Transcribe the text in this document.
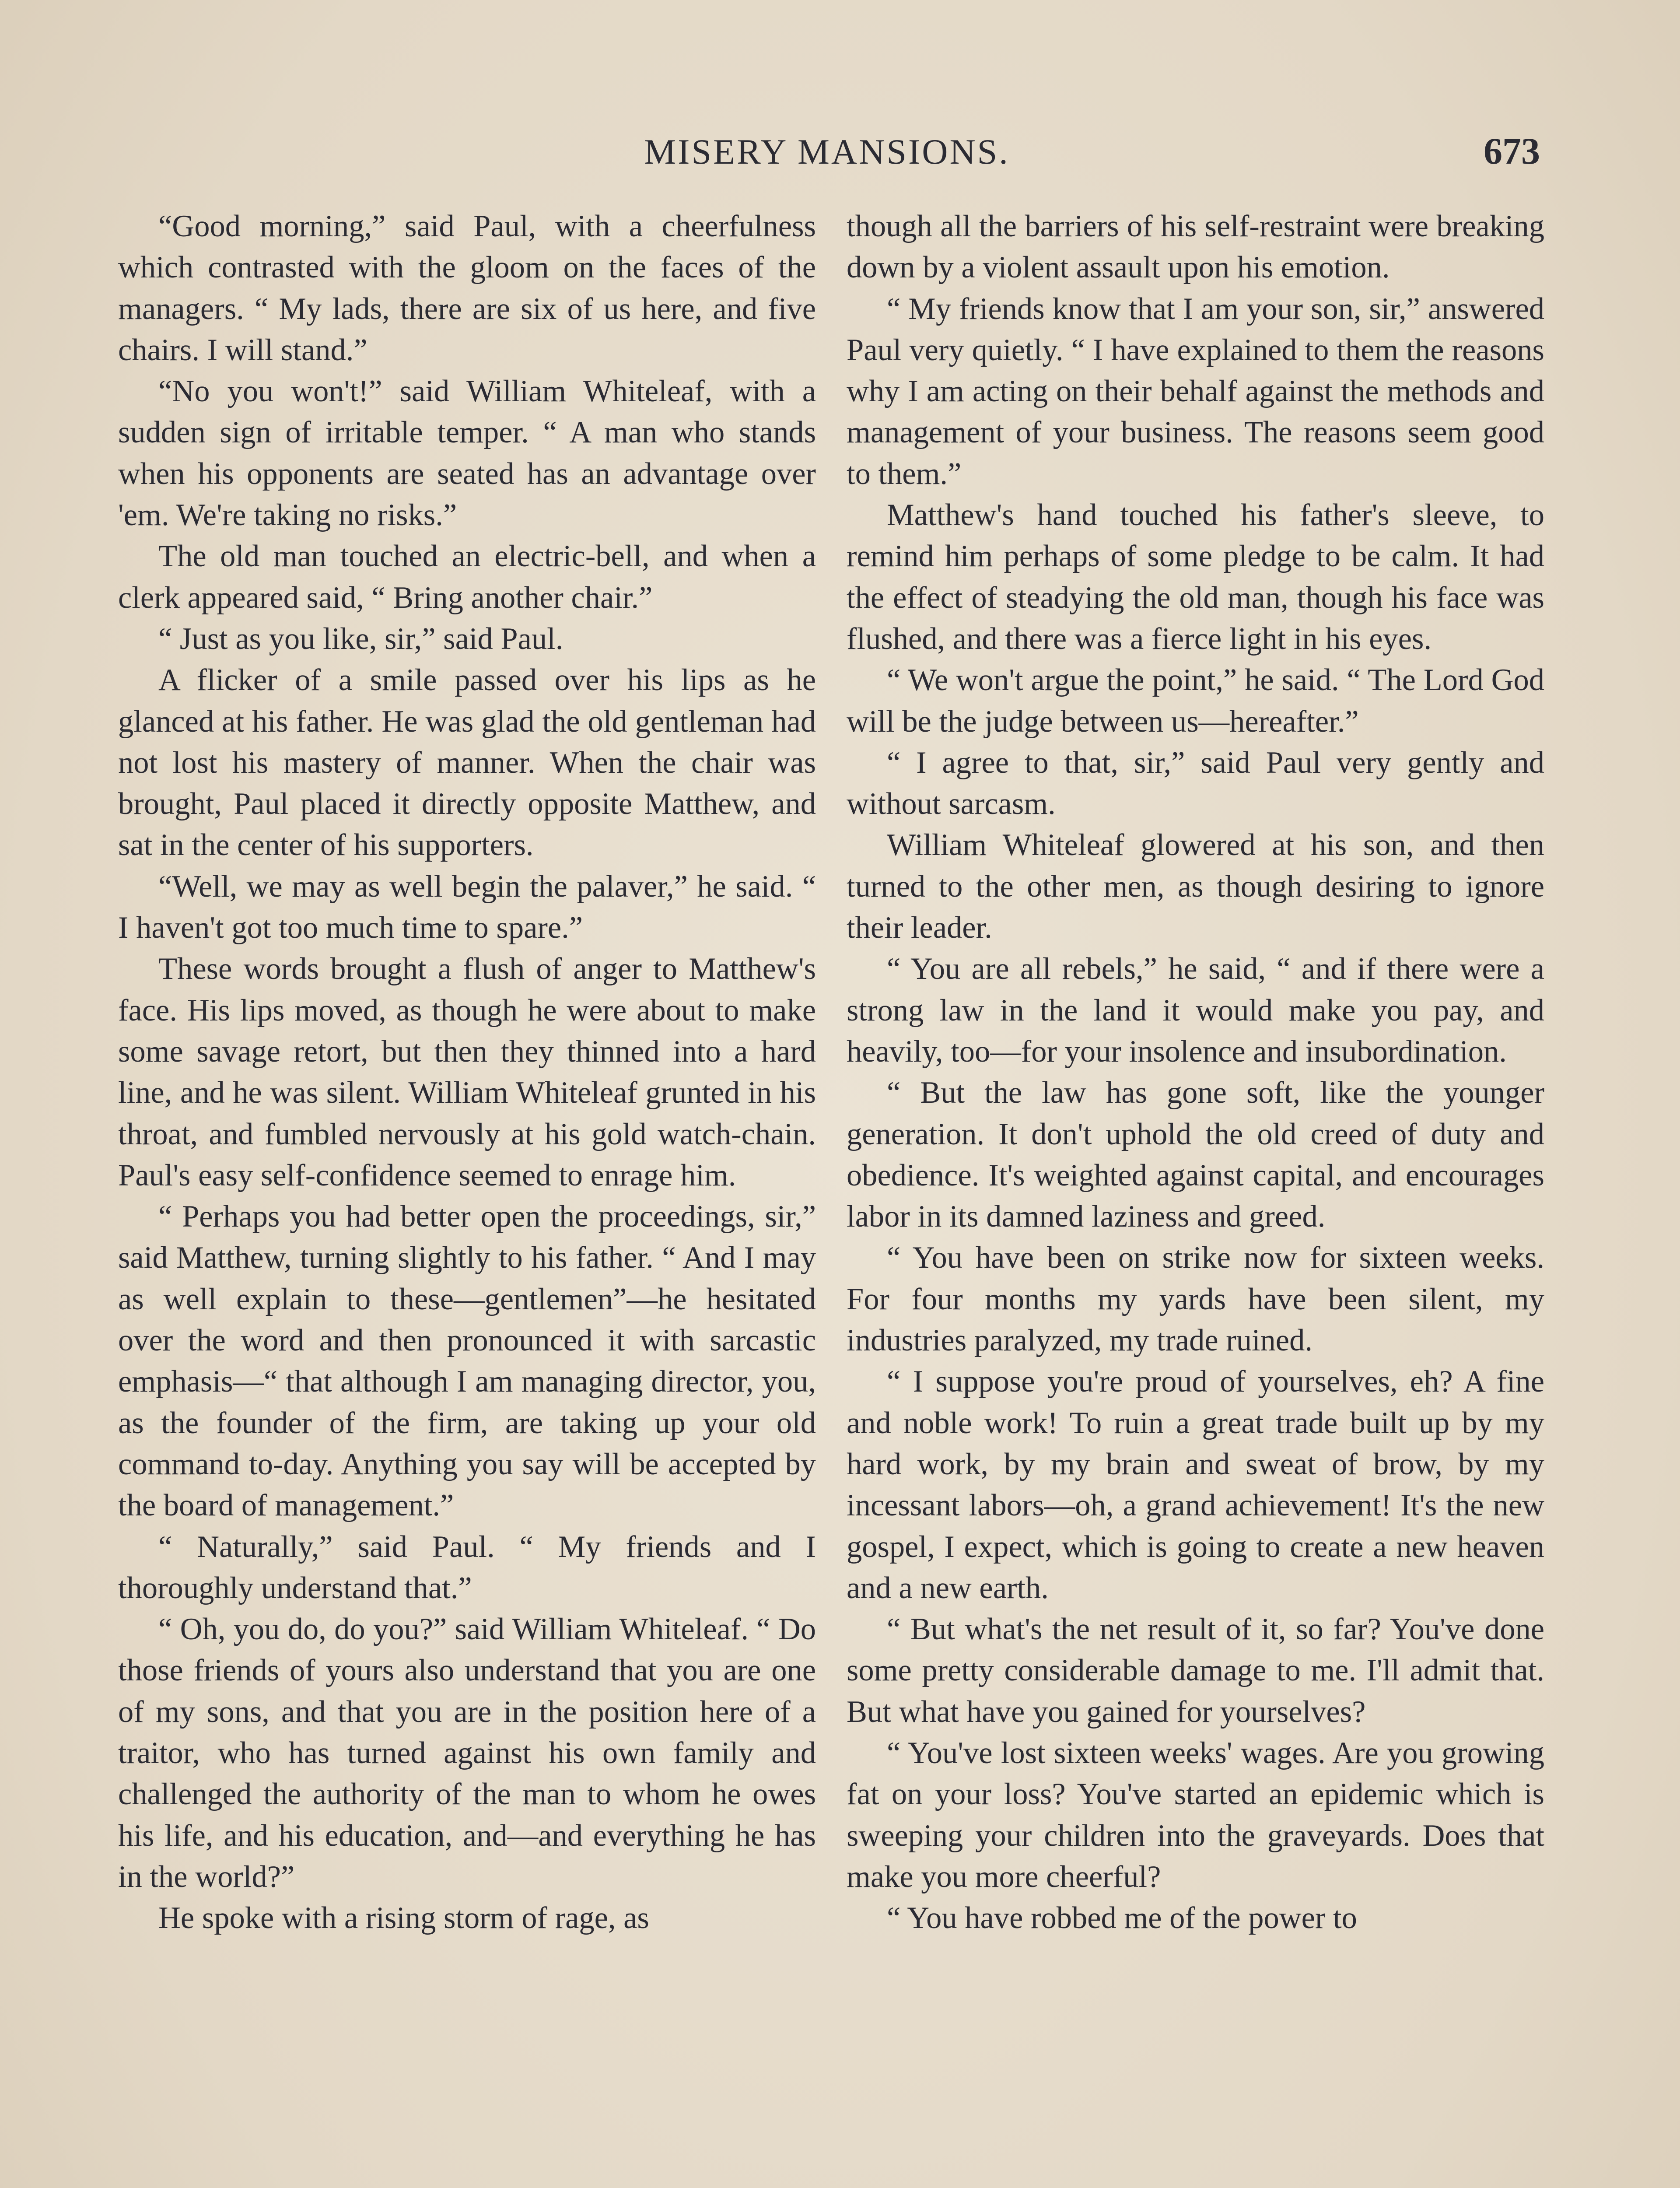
MISERY MANSIONS.	673

“Good morning,” said Paul, with a cheerfulness which contrasted with the gloom on the faces of the managers. “ My lads, there are six of us here, and five chairs. I will stand.”

“No you won't!” said William Whiteleaf, with a sudden sign of irritable temper. “ A man who stands when his opponents are seated has an advantage over 'em. We're taking no risks.”

The old man touched an electric-bell, and when a clerk appeared said, “ Bring another chair.”

“ Just as you like, sir,” said Paul.

A flicker of a smile passed over his lips as he glanced at his father. He was glad the old gentleman had not lost his mastery of manner. When the chair was brought, Paul placed it directly opposite Matthew, and sat in the center of his supporters.

“Well, we may as well begin the palaver,” he said. “ I haven't got too much time to spare.”

These words brought a flush of anger to Matthew's face. His lips moved, as though he were about to make some savage retort, but then they thinned into a hard line, and he was silent. William Whiteleaf grunted in his throat, and fumbled nervously at his gold watch-chain. Paul's easy self-confidence seemed to enrage him.

“ Perhaps you had better open the proceedings, sir,” said Matthew, turning slightly to his father. “ And I may as well explain to these—gentlemen”—he hesitated over the word and then pronounced it with sarcastic emphasis—“ that although I am managing director, you, as the founder of the firm, are taking up your old command to-day. Anything you say will be accepted by the board of management.”

“ Naturally,” said Paul. “ My friends and I thoroughly understand that.”

“ Oh, you do, do you?” said William Whiteleaf. “ Do those friends of yours also understand that you are one of my sons, and that you are in the position here of a traitor, who has turned against his own family and challenged the authority of the man to whom he owes his life, and his education, and—and everything he has in the world?”

He spoke with a rising storm of rage, as

though all the barriers of his self-restraint were breaking down by a violent assault upon his emotion.

“ My friends know that I am your son, sir,” answered Paul very quietly. “ I have explained to them the reasons why I am acting on their behalf against the methods and management of your business. The reasons seem good to them.”

Matthew's hand touched his father's sleeve, to remind him perhaps of some pledge to be calm. It had the effect of steadying the old man, though his face was flushed, and there was a fierce light in his eyes.

“ We won't argue the point,” he said. “ The Lord God will be the judge between us—hereafter.”

“ I agree to that, sir,” said Paul very gently and without sarcasm.

William Whiteleaf glowered at his son, and then turned to the other men, as though desiring to ignore their leader.

“ You are all rebels,” he said, “ and if there were a strong law in the land it would make you pay, and heavily, too—for your insolence and insubordination.

“ But the law has gone soft, like the younger generation. It don't uphold the old creed of duty and obedience. It's weighted against capital, and encourages labor in its damned laziness and greed.

“ You have been on strike now for sixteen weeks. For four months my yards have been silent, my industries paralyzed, my trade ruined.

“ I suppose you're proud of yourselves, eh? A fine and noble work! To ruin a great trade built up by my hard work, by my brain and sweat of brow, by my incessant labors—oh, a grand achievement! It's the new gospel, I expect, which is going to create a new heaven and a new earth.

“ But what's the net result of it, so far? You've done some pretty considerable damage to me. I'll admit that. But what have you gained for yourselves?

“ You've lost sixteen weeks' wages. Are you growing fat on your loss? You've started an epidemic which is sweeping your children into the graveyards. Does that make you more cheerful?

“ You have robbed me of the power to
